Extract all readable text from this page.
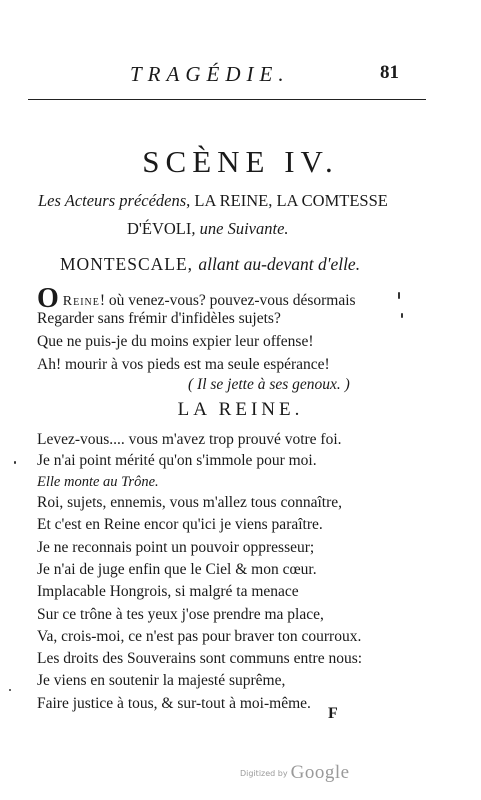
TRAGÉDIE.	81
SCÈNE IV.
Les Acteurs précédens, LA REINE, LA COMTESSE
D'ÉVOLI, une Suivante.
MONTESCALE, allant au-devant d'elle.
O Reine! où venez-vous? pouvez-vous désormais
Regarder sans frémir d'infidèles sujets?
Que ne puis-je du moins expier leur offense!
Ah! mourir à vos pieds est ma seule espérance!
( Il se jette à ses genoux. )
LA REINE.
Levez-vous.... vous m'avez trop prouvé votre foi.
Je n'ai point mérité qu'on s'immole pour moi.
Elle monte au Trône.
Roi, sujets, ennemis, vous m'allez tous connaître,
Et c'est en Reine encor qu'ici je viens paraître.
Je ne reconnais point un pouvoir oppresseur;
Je n'ai de juge enfin que le Ciel & mon cœur.
Implacable Hongrois, si malgré ta menace
Sur ce trône à tes yeux j'ose prendre ma place,
Va, crois-moi, ce n'est pas pour braver ton courroux.
Les droits des Souverains sont communs entre nous:
Je viens en soutenir la majesté suprême,
Faire justice à tous, & sur-tout à moi-même.
F
Digitized by Google
